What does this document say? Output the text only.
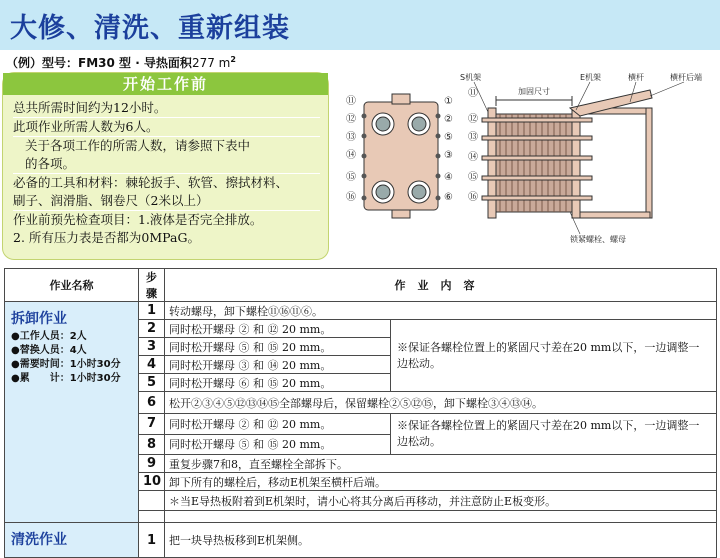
大修、清洗、重新组装
（例）型号：FM30 型 · 导热面积277 $m^2$
开始工作前
总共所需时间约为12小时。
此项作业所需人数为6人。
关于各项工作的所需人数，请参照下表中
的各项。
必备的工具和材料：棘轮扳手、软管、擦拭材料、
刷子、润滑脂、钢卷尺（2米以上）
作业前预先检查项目：1.液体是否完全排放。
2. 所有压力表是否都为0MPaG。
⑪
⑫
⑬
⑭
⑮
⑯
①
②
⑤
③
④
⑥
S机架
加固尺寸
E机架	横杆	横杆后端
锁紧螺栓、螺母
⑪
⑫
⑬
⑭
⑮
⑯
作业名称	步骤	作业内容	

拆卸作业
●工作人员：2人
●替换人员：4人
●需要时间：1小时30分
●累　　计：1小时30分	1	转动螺母，卸下螺栓⑪⑯⑪⑥。	
	2	同时松开螺母 ② 和 ⑫ 20 mm。	※保证各螺栓位置上的紧固尺寸差在20 mm以下，一边调整一边松动。
	3	同时松开螺母 ⑤ 和 ⑮ 20 mm。	
	4	同时松开螺母 ③ 和 ⑭ 20 mm。	
	5	同时松开螺母 ⑥ 和 ⑮ 20 mm。	
	6	松开②③④⑤⑫⑬⑭⑮全部螺母后，保留螺栓②⑤⑫⑮，卸下螺栓③④⑬⑭。	
	7	同时松开螺母 ② 和 ⑫ 20 mm。	※保证各螺栓位置上的紧固尺寸差在20 mm以下，一边调整一边松动。
	8	同时松开螺母 ⑤ 和 ⑮ 20 mm。	
	9	重复步骤7和8，直至螺栓全部拆下。	
	10	卸下所有的螺栓后，移动E机架至横杆后端。	
		＊当E导热板附着到E机架时，请小心将其分离后再移动，并注意防止E板变形。	

清洗作业	1	把一块导热板移到E机架侧。	
